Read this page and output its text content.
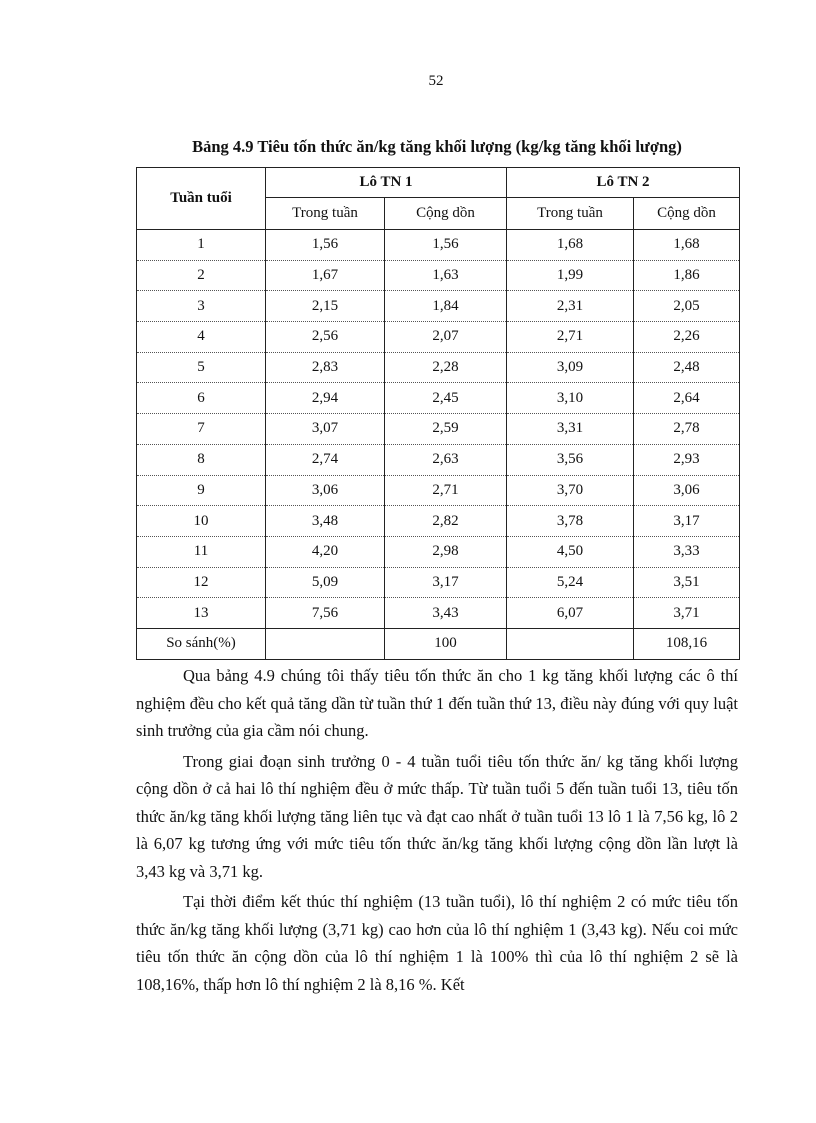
52
Bảng 4.9 Tiêu tốn thức ăn/kg tăng khối lượng (kg/kg tăng khối lượng)
Tuần tuổi	Lô TN 1		Lô TN 2	
	Trong tuần	Cộng dồn	Trong tuần	Cộng dồn
1	1,56	1,56	1,68	1,68
2	1,67	1,63	1,99	1,86
3	2,15	1,84	2,31	2,05
4	2,56	2,07	2,71	2,26
5	2,83	2,28	3,09	2,48
6	2,94	2,45	3,10	2,64
7	3,07	2,59	3,31	2,78
8	2,74	2,63	3,56	2,93
9	3,06	2,71	3,70	3,06
10	3,48	2,82	3,78	3,17
11	4,20	2,98	4,50	3,33
12	5,09	3,17	5,24	3,51
13	7,56	3,43	6,07	3,71
So sánh(%)		100		108,16

Qua bảng 4.9 chúng tôi thấy tiêu tốn thức ăn cho 1 kg tăng khối lượng các ô thí nghiệm đều cho kết quả tăng dần từ tuần thứ 1 đến tuần thứ 13, điều này đúng với quy luật sinh trưởng của gia cầm nói chung.

Trong giai đoạn sinh trưởng 0 - 4 tuần tuổi tiêu tốn thức ăn/ kg tăng khối lượng cộng dồn ở cả hai lô thí nghiệm đều ở mức thấp. Từ tuần tuổi 5 đến tuần tuổi 13, tiêu tốn thức ăn/kg tăng khối lượng tăng liên tục và đạt cao nhất ở tuần tuổi 13 lô 1 là 7,56 kg, lô 2 là 6,07 kg tương ứng với mức tiêu tốn thức ăn/kg tăng khối lượng cộng dồn lần lượt là 3,43 kg và 3,71 kg.

Tại thời điểm kết thúc thí nghiệm (13 tuần tuổi), lô thí nghiệm 2 có mức tiêu tốn thức ăn/kg tăng khối lượng (3,71 kg) cao hơn của lô thí nghiệm 1 (3,43 kg). Nếu coi mức tiêu tốn thức ăn cộng dồn của lô thí nghiệm 1 là 100% thì của lô thí nghiệm 2 sẽ là 108,16%, thấp hơn lô thí nghiệm 2 là 8,16 %. Kết
